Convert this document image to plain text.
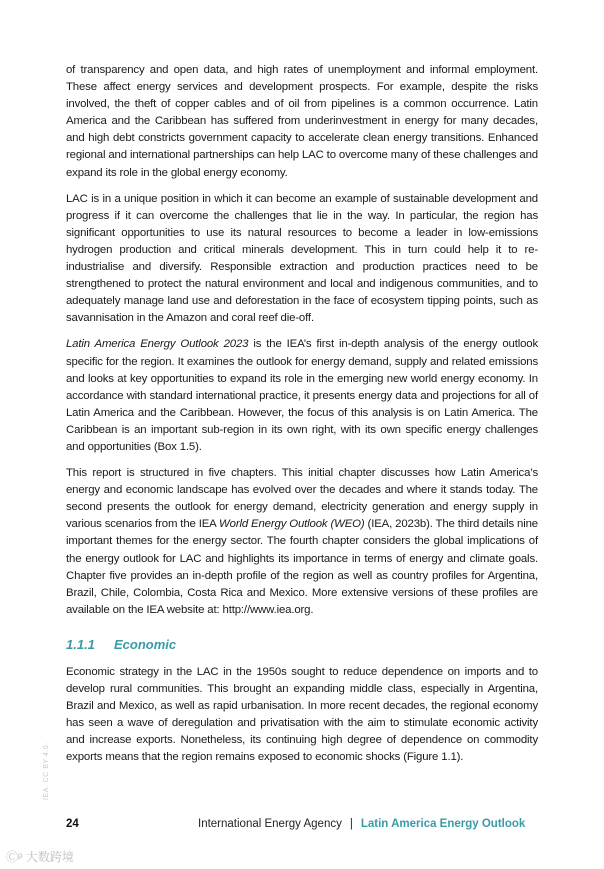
of transparency and open data, and high rates of unemployment and informal employment. These affect energy services and development prospects. For example, despite the risks involved, the theft of copper cables and of oil from pipelines is a common occurrence. Latin America and the Caribbean has suffered from underinvestment in energy for many decades, and high debt constricts government capacity to accelerate clean energy transitions. Enhanced regional and international partnerships can help LAC to overcome many of these challenges and expand its role in the global energy economy.

LAC is in a unique position in which it can become an example of sustainable development and progress if it can overcome the challenges that lie in the way. In particular, the region has significant opportunities to use its natural resources to become a leader in low-emissions hydrogen production and critical minerals development. This in turn could help it to re-industrialise and diversify. Responsible extraction and production practices need to be strengthened to protect the natural environment and local and indigenous communities, and to adequately manage land use and deforestation in the face of ecosystem tipping points, such as savannisation in the Amazon and coral reef die-off.

Latin America Energy Outlook 2023 is the IEA’s first in-depth analysis of the energy outlook specific for the region. It examines the outlook for energy demand, supply and related emissions and looks at key opportunities to expand its role in the emerging new world energy economy. In accordance with standard international practice, it presents energy data and projections for all of Latin America and the Caribbean. However, the focus of this analysis is on Latin America. The Caribbean is an important sub-region in its own right, with its own specific energy challenges and opportunities (Box 1.5).

This report is structured in five chapters. This initial chapter discusses how Latin America’s energy and economic landscape has evolved over the decades and where it stands today. The second presents the outlook for energy demand, electricity generation and energy supply in various scenarios from the IEA World Energy Outlook (WEO) (IEA, 2023b). The third details nine important themes for the energy sector. The fourth chapter considers the global implications of the energy outlook for LAC and highlights its importance in terms of energy and climate goals. Chapter five provides an in-depth profile of the region as well as country profiles for Argentina, Brazil, Chile, Colombia, Costa Rica and Mexico. More extensive versions of these profiles are available on the IEA website at: http://www.iea.org.

1.1.1	Economic

Economic strategy in the LAC in the 1950s sought to reduce dependence on imports and to develop rural communities. This brought an expanding middle class, especially in Argentina, Brazil and Mexico, as well as rapid urbanisation. In more recent decades, the regional economy has seen a wave of deregulation and privatisation with the aim to stimulate economic activity and increase exports. Nonetheless, its continuing high degree of dependence on commodity exports means that the region remains exposed to economic shocks (Figure 1.1).

IEA. CC BY 4.0.
24	International Energy Agency | Latin America Energy Outlook
Ⓒᵖ 大数跨境
